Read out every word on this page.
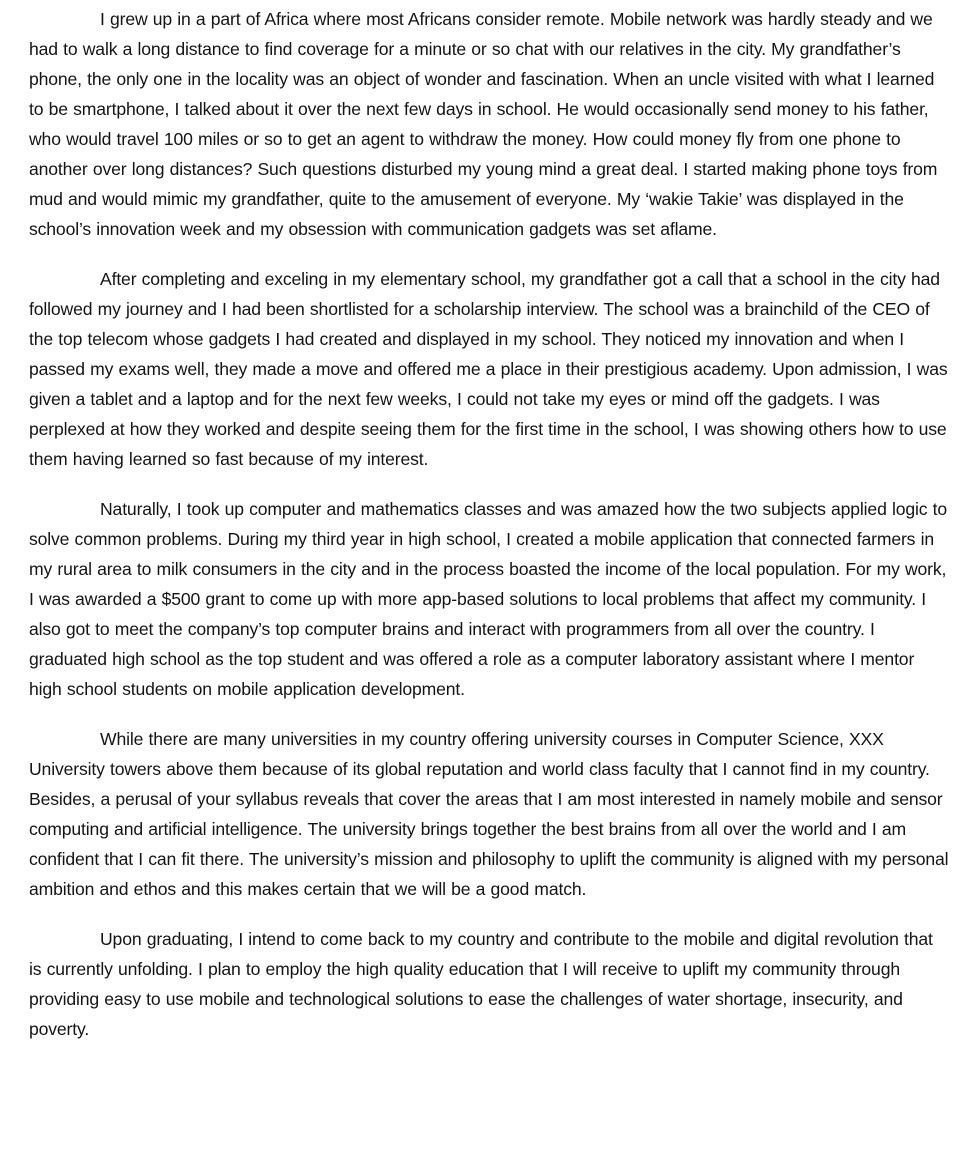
I grew up in a part of Africa where most Africans consider remote. Mobile network was hardly steady and we had to walk a long distance to find coverage for a minute or so chat with our relatives in the city. My grandfather’s phone, the only one in the locality was an object of wonder and fascination. When an uncle visited with what I learned to be smartphone, I talked about it over the next few days in school. He would occasionally send money to his father, who would travel 100 miles or so to get an agent to withdraw the money. How could money fly from one phone to another over long distances? Such questions disturbed my young mind a great deal. I started making phone toys from mud and would mimic my grandfather, quite to the amusement of everyone. My ‘wakie Takie’ was displayed in the school’s innovation week and my obsession with communication gadgets was set aflame.

After completing and exceling in my elementary school, my grandfather got a call that a school in the city had followed my journey and I had been shortlisted for a scholarship interview. The school was a brainchild of the CEO of the top telecom whose gadgets I had created and displayed in my school. They noticed my innovation and when I passed my exams well, they made a move and offered me a place in their prestigious academy. Upon admission, I was given a tablet and a laptop and for the next few weeks, I could not take my eyes or mind off the gadgets. I was perplexed at how they worked and despite seeing them for the first time in the school, I was showing others how to use them having learned so fast because of my interest.

Naturally, I took up computer and mathematics classes and was amazed how the two subjects applied logic to solve common problems. During my third year in high school, I created a mobile application that connected farmers in my rural area to milk consumers in the city and in the process boasted the income of the local population. For my work, I was awarded a $500 grant to come up with more app-based solutions to local problems that affect my community. I also got to meet the company’s top computer brains and interact with programmers from all over the country. I graduated high school as the top student and was offered a role as a computer laboratory assistant where I mentor high school students on mobile application development.

While there are many universities in my country offering university courses in Computer Science, XXX University towers above them because of its global reputation and world class faculty that I cannot find in my country. Besides, a perusal of your syllabus reveals that cover the areas that I am most interested in namely mobile and sensor computing and artificial intelligence. The university brings together the best brains from all over the world and I am confident that I can fit there. The university’s mission and philosophy to uplift the community is aligned with my personal ambition and ethos and this makes certain that we will be a good match.

Upon graduating, I intend to come back to my country and contribute to the mobile and digital revolution that is currently unfolding. I plan to employ the high quality education that I will receive to uplift my community through providing easy to use mobile and technological solutions to ease the challenges of water shortage, insecurity, and poverty.
